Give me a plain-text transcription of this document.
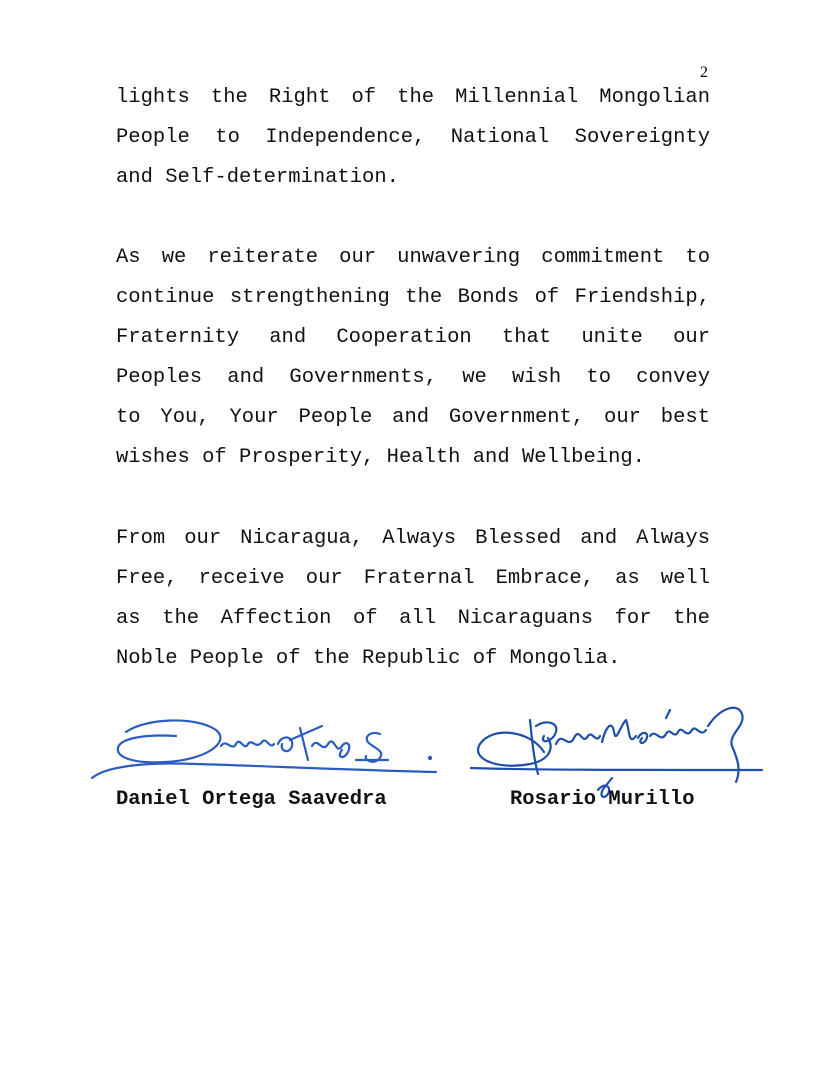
2
lights the Right of the Millennial Mongolian
People to Independence, National Sovereignty
and Self-determination.
As we reiterate our unwavering commitment to
continue strengthening the Bonds of Friendship,
Fraternity and Cooperation that unite our
Peoples and Governments, we wish to convey
to You, Your People and Government, our best
wishes of Prosperity, Health and Wellbeing.
From our Nicaragua, Always Blessed and Always
Free, receive our Fraternal Embrace, as well
as the Affection of all Nicaraguans for the
Noble People of the Republic of Mongolia.
Daniel Ortega Saavedra	Rosario Murillo
